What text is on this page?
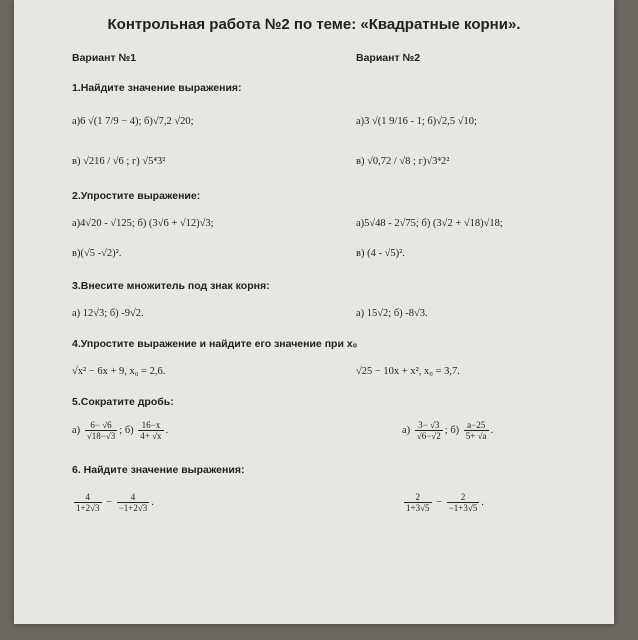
Контрольная работа №2 по теме: «Квадратные корни».
Вариант №1	Вариант №2
1.Найдите значение выражения:
а)6 √(1 7/9 − 4); б)√7,2 √20;	а)3 √(1 9/16 - 1; б)√2,5 √10;
в) √216 / √6 ; г) √5⁴3²	в) √0,72 / √8 ; г)√3⁴2²
2.Упростите выражение:
а)4√20 - √125; б) (3√6 + √12)√3;	а)5√48 - 2√75; б) (3√2 + √18)√18;
в)(√5 -√2)².	в) (4 - √5)².
3.Внесите множитель под знак корня:
а) 12√3; б) -9√2.	а) 15√2; б) -8√3.
4.Упростите выражение и найдите его значение при x₀
√x² − 6x + 9, x₀ = 2,6.	√25 − 10x + x², x₀ = 3,7.
5.Сократите дробь:
$а) \frac{6- √6}{√18-√3}$ ; $б) \frac{16-x}{4+ √x}$ .	$а) \frac{3- √3}{√6-√2}$ ; $б) \frac{a-25}{5+ √a}$ .
6. Найдите значение выражения:
$\frac{4}{1+2√3} - \frac{4}{-1+2√3}$ .	$\frac{2}{1+3√5} - \frac{2}{-1+3√5}$ .
